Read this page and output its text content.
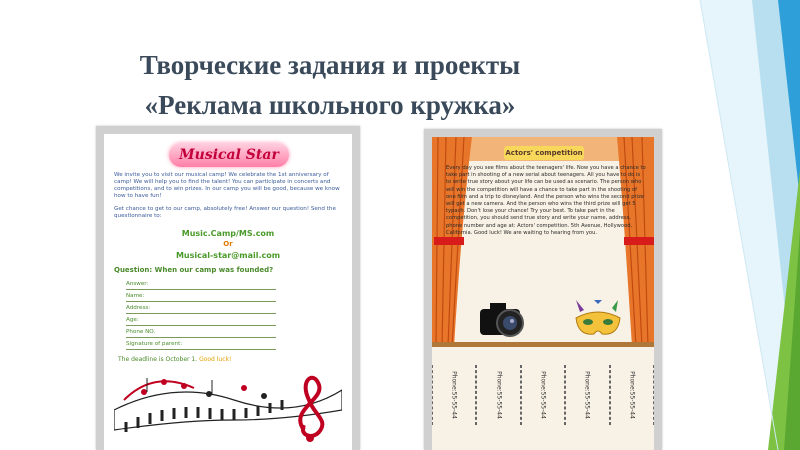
Творческие задания и проекты
«Реклама школьного кружка»
Musical Star
We invite you to visit our musical camp! We celebrate the 1st anniversary of camp! We will help you to find the talent! You can participate in concerts and competitions, and to win prizes. In our camp you will be good, because we know how to have fun!
Get chance to get to our camp, absolutely free! Answer our question! Send the questionnaire to:
Music.Camp/MS.com
Or
Musical-star@mail.com
Question: When our camp was founded?
Answer:
Name:
Address:
Age:
Phone NO.
Signature of parent:
The deadline is October 1. Good luck!
Actors' competition
Every day you see films about the teenagers' life. Now you have a chance to take part in shooting of a new serial about teenagers. All you have to do is to write true story about your life can be used as scenario. The person who will win the competition will have a chance to take part in the shooting of one film and a trip to disneyland. And the person who wins the second prize will get a new camera. And the person who wins the third prize will get 5 typach. Don't lose your chance! Try your best. To take part in the competition, you should send true story and write your name, address, phone number and age at: Actors' competition. 5th Avenue, Hollywood, California. Good luck! We are waiting to hearing from you.
Phone:55-55-44	Phone:55-55-44	Phone:55-55-44	Phone:55-55-44	Phone:55-55-44
